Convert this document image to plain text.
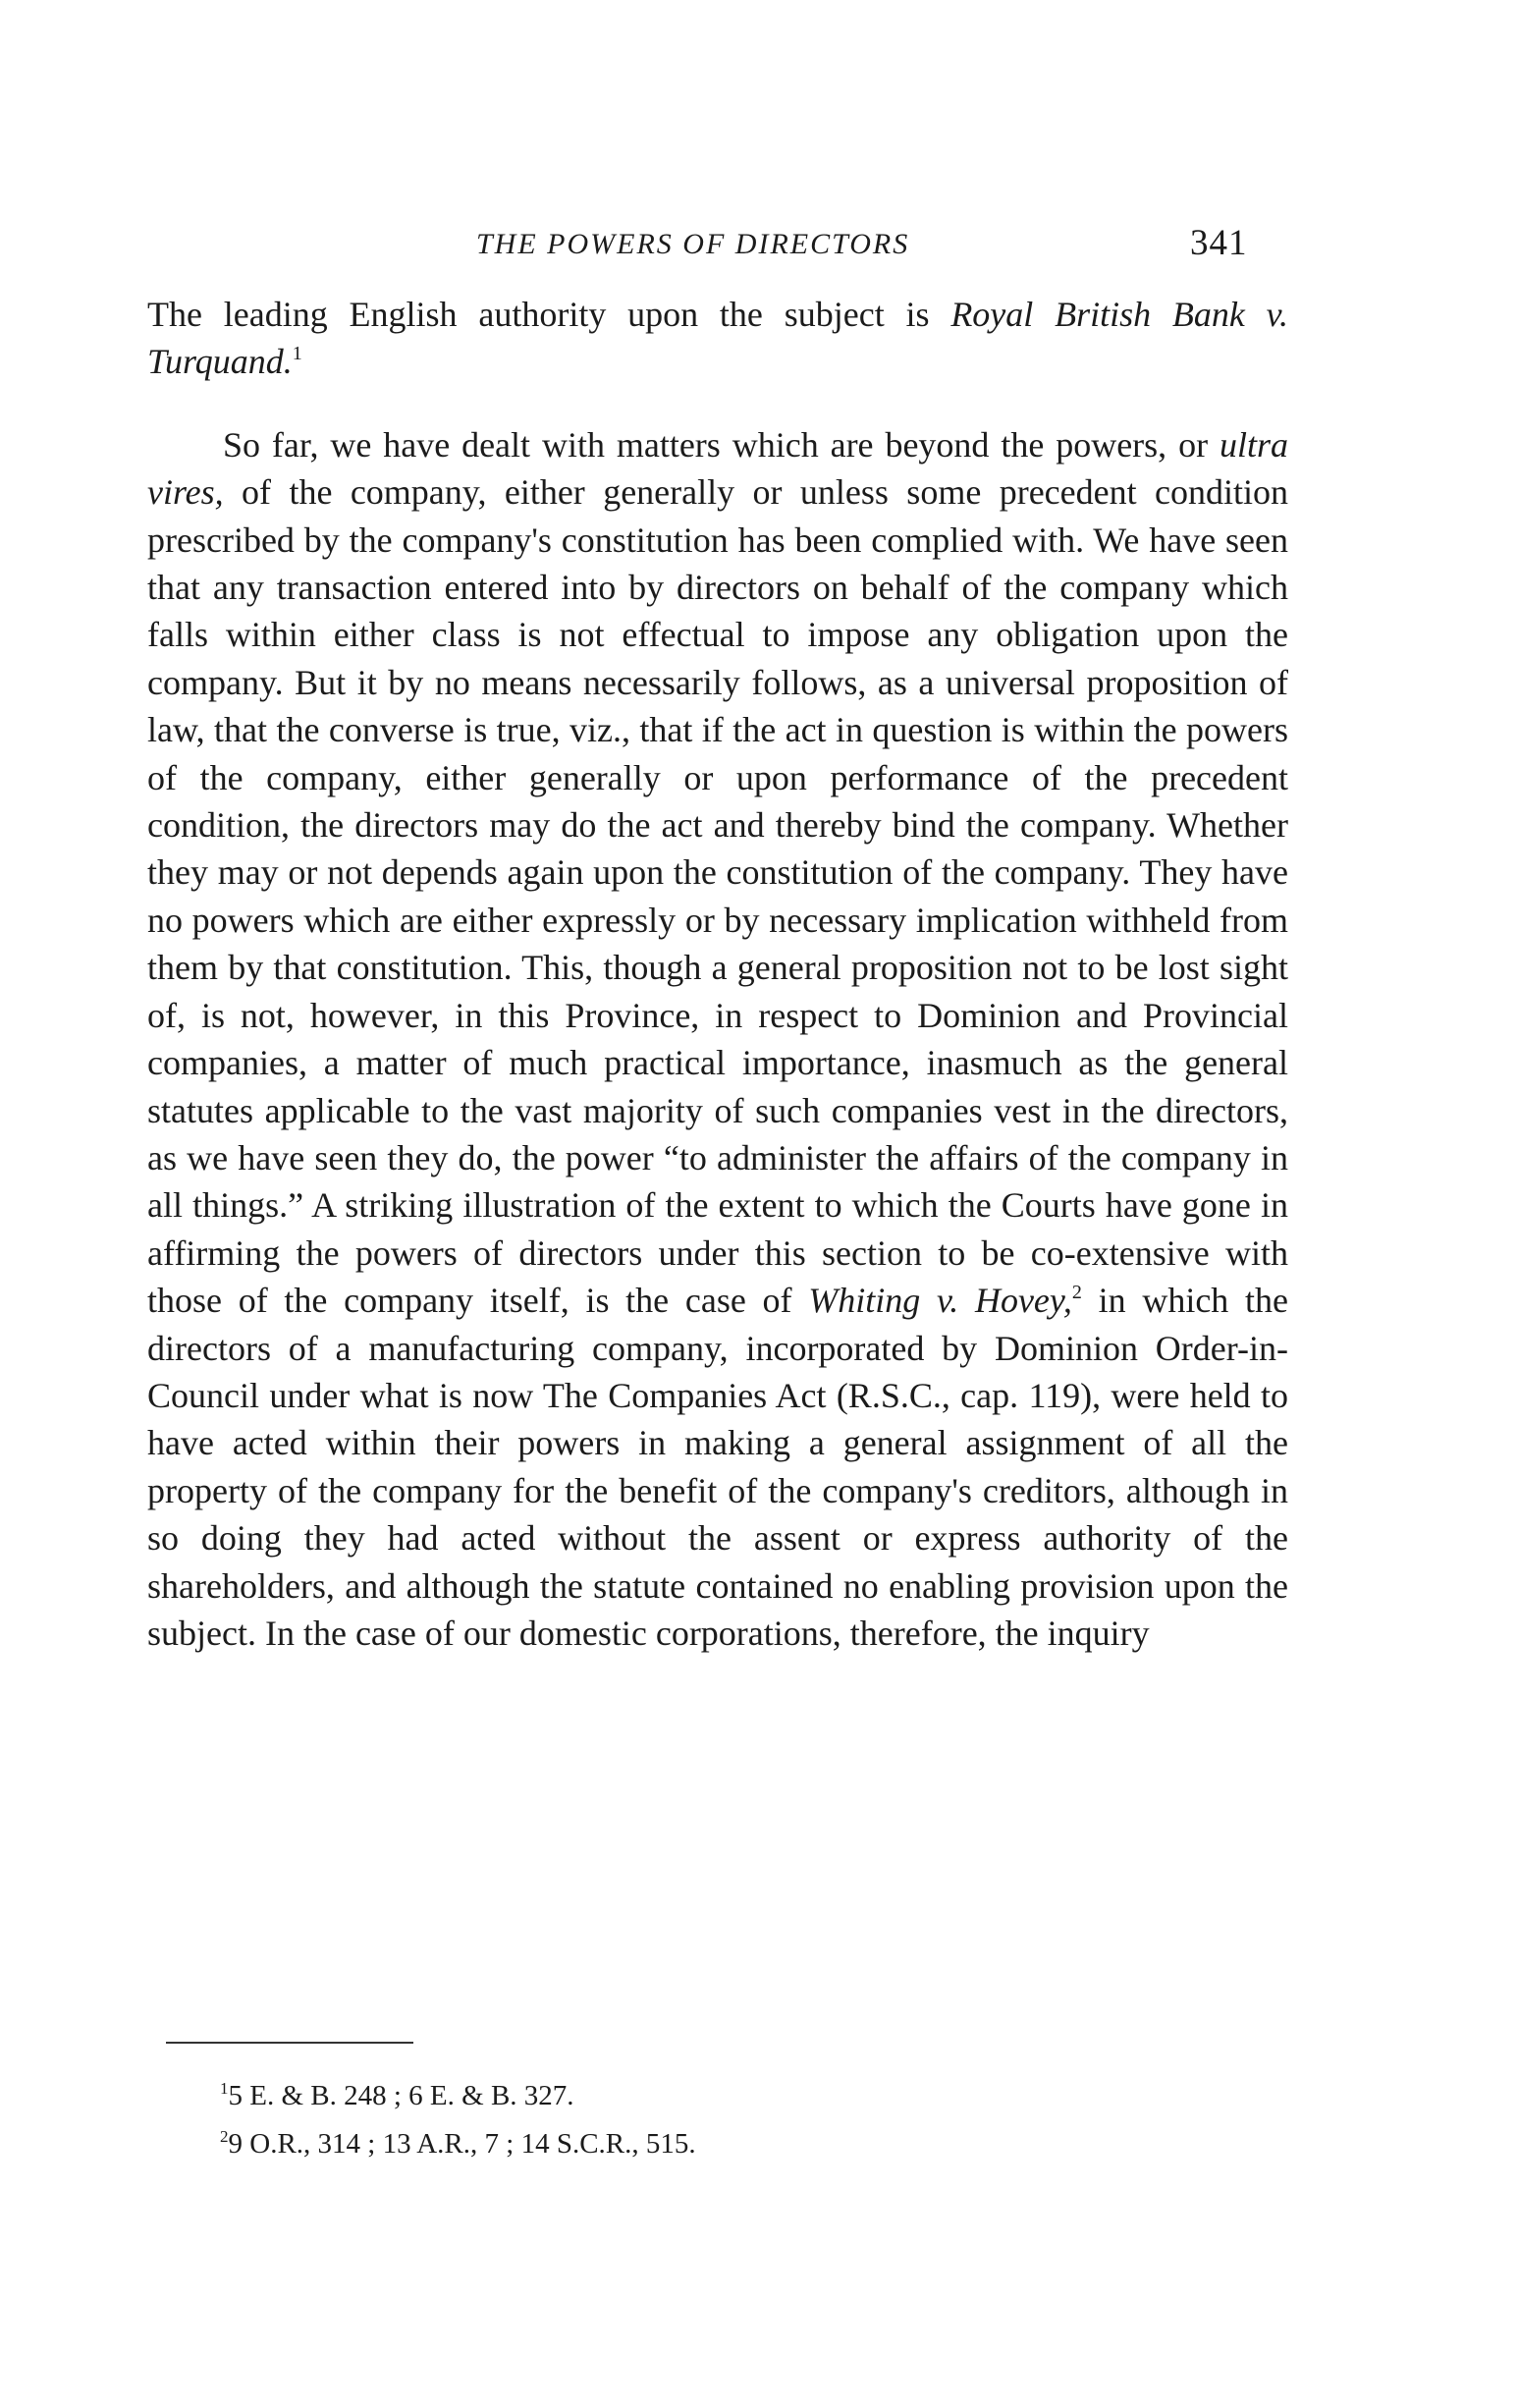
THE POWERS OF DIRECTORS	341

The leading English authority upon the subject is Royal British Bank v. Turquand.$^1$

So far, we have dealt with matters which are beyond the powers, or ultra vires, of the company, either generally or unless some precedent condition prescribed by the company's constitution has been complied with. We have seen that any transaction entered into by directors on behalf of the company which falls within either class is not effectual to impose any obligation upon the company. But it by no means necessarily follows, as a universal proposition of law, that the converse is true, viz., that if the act in question is within the powers of the company, either generally or upon performance of the precedent condition, the directors may do the act and thereby bind the company. Whether they may or not depends again upon the constitution of the company. They have no powers which are either expressly or by necessary implication withheld from them by that constitution. This, though a general proposition not to be lost sight of, is not, however, in this Province, in respect to Dominion and Provincial companies, a matter of much practical importance, inasmuch as the general statutes applicable to the vast majority of such companies vest in the directors, as we have seen they do, the power “to administer the affairs of the company in all things.” A striking illustration of the extent to which the Courts have gone in affirming the powers of directors under this section to be co-extensive with those of the company itself, is the case of Whiting v. Hovey,$^2$ in which the directors of a manufacturing company, incorporated by Dominion Order-in-Council under what is now The Companies Act (R.S.C., cap. 119), were held to have acted within their powers in making a general assignment of all the property of the company for the benefit of the company's creditors, although in so doing they had acted without the assent or express authority of the shareholders, and although the statute contained no enabling provision upon the subject. In the case of our domestic corporations, therefore, the inquiry

$^1$5 E. & B. 248 ; 6 E. & B. 327.
$^2$9 O.R., 314 ; 13 A.R., 7 ; 14 S.C.R., 515.
